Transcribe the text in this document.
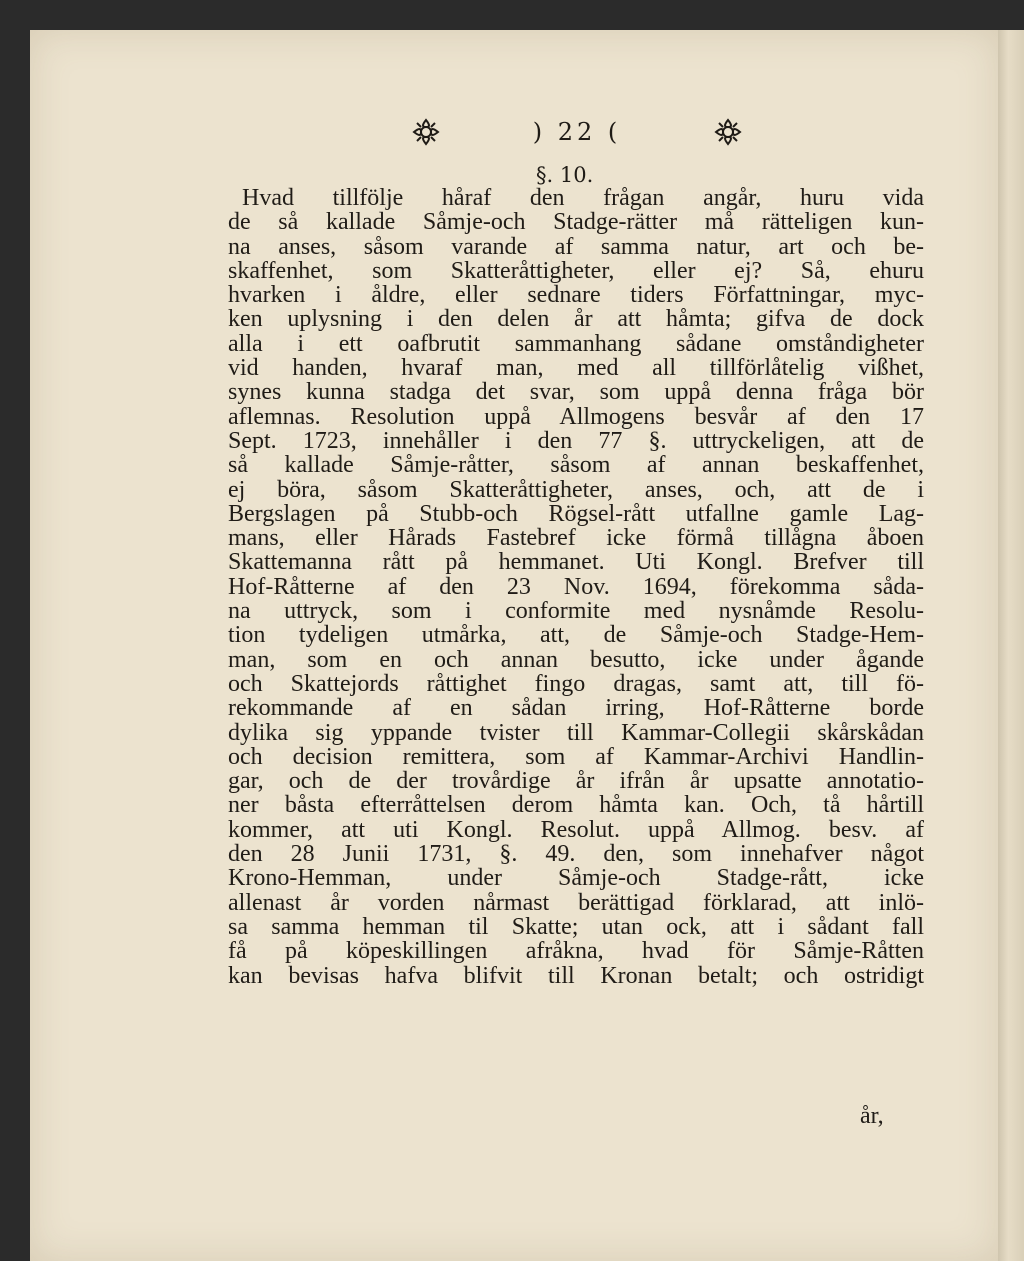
) 22 (
§. 10.
Hvad tillfölje håraf den frågan angår, huru vida
de så kallade Såmje-och Stadge-rätter må rätteligen kun-
na anses, såsom varande af samma natur, art och be-
skaffenhet, som Skatteråttigheter, eller ej? Så, ehuru
hvarken i åldre, eller sednare tiders Författningar, myc-
ken uplysning i den delen år att håmta; gifva de dock
alla i ett oafbrutit sammanhang sådane omståndigheter
vid handen, hvaraf man, med all tillförlåtelig vißhet,
synes kunna stadga det svar, som uppå denna fråga bör
aflemnas. Resolution uppå Allmogens besvår af den 17
Sept. 1723, innehåller i den 77 §. uttryckeligen, att de
så kallade Såmje-råtter, såsom af annan beskaffenhet,
ej böra, såsom Skatteråttigheter, anses, och, att de i
Bergslagen på Stubb-och Rögsel-rått utfallne gamle Lag-
mans, eller Hårads Fastebref icke förmå tillågna åboen
Skattemanna rått på hemmanet. Uti Kongl. Brefver till
Hof-Råtterne af den 23 Nov. 1694, förekomma såda-
na uttryck, som i conformite med nysnåmde Resolu-
tion tydeligen utmårka, att, de Såmje-och Stadge-Hem-
man, som en och annan besutto, icke under ågande
och Skattejords råttighet fingo dragas, samt att, till fö-
rekommande af en sådan irring, Hof-Råtterne borde
dylika sig yppande tvister till Kammar-Collegii skårskådan
och decision remittera, som af Kammar-Archivi Handlin-
gar, och de der trovårdige år ifrån år upsatte annotatio-
ner båsta efterråttelsen derom håmta kan. Och, tå hårtill
kommer, att uti Kongl. Resolut. uppå Allmog. besv. af
den 28 Junii 1731, §. 49. den, som innehafver något
Krono-Hemman, under Såmje-och Stadge-rått, icke
allenast år vorden nårmast berättigad förklarad, att inlö-
sa samma hemman til Skatte; utan ock, att i sådant fall
få på köpeskillingen afråkna, hvad för Såmje-Råtten
kan bevisas hafva blifvit till Kronan betalt; och ostridigt
år,
